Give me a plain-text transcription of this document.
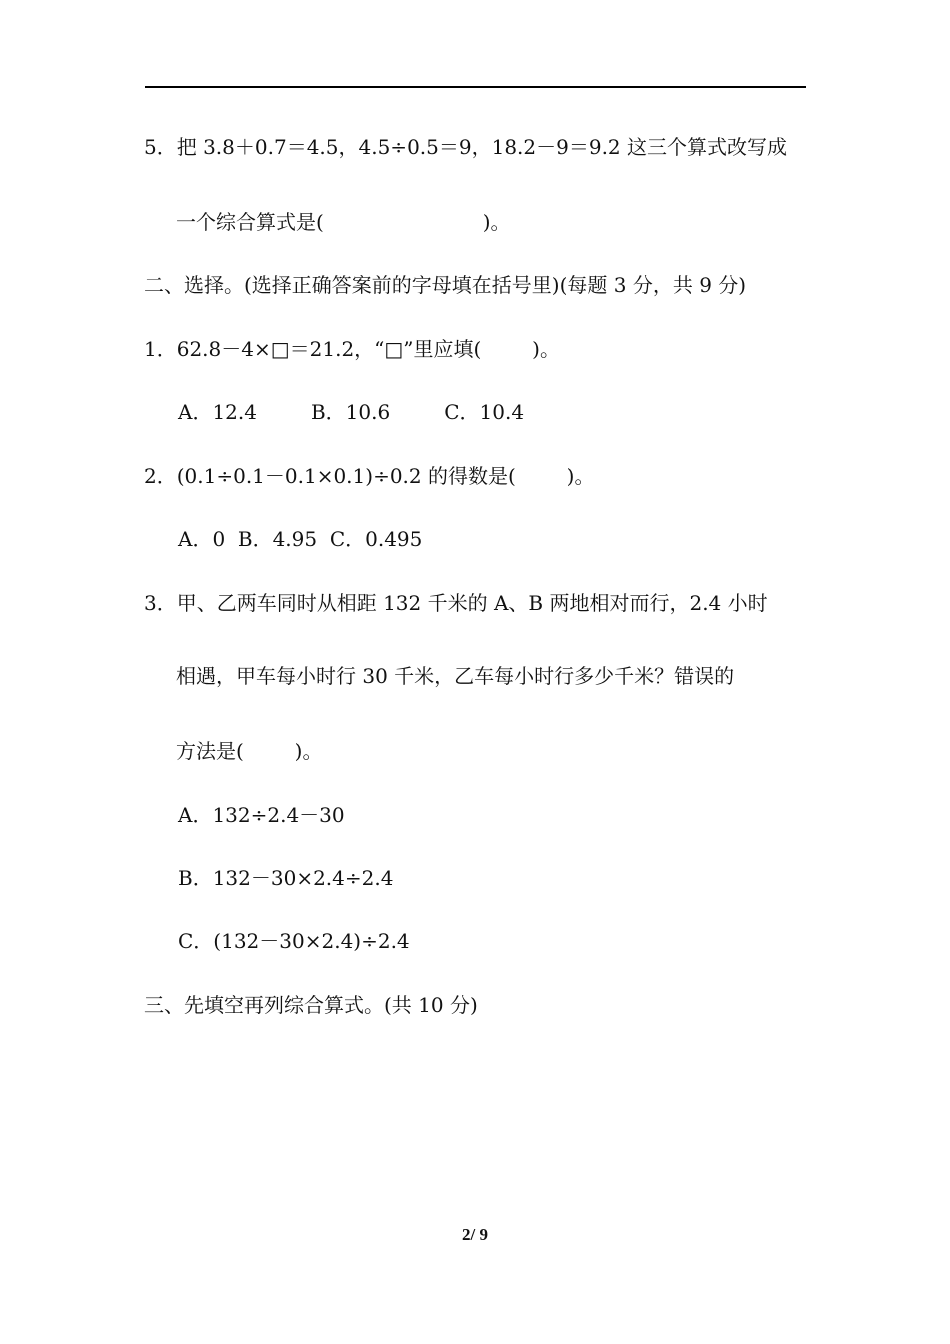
5．把 3.8＋0.7＝4.5，4.5÷0.5＝9，18.2－9＝9.2 这三个算式改写成
一个综合算式是(                         )。
二、选择。(选择正确答案前的字母填在括号里)(每题 3 分，共 9 分)
1．62.8－4×□＝21.2，“□”里应填(        )。
A．12.4	B．10.6	C．10.4
2．(0.1÷0.1－0.1×0.1)÷0.2 的得数是(        )。
A．0  B．4.95  C．0.495
3．甲、乙两车同时从相距 132 千米的 A、B 两地相对而行，2.4 小时
相遇，甲车每小时行 30 千米，乙车每小时行多少千米？错误的
方法是(        )。
A．132÷2.4－30
B．132－30×2.4÷2.4
C．(132－30×2.4)÷2.4
三、先填空再列综合算式。(共 10 分)
2/ 9
